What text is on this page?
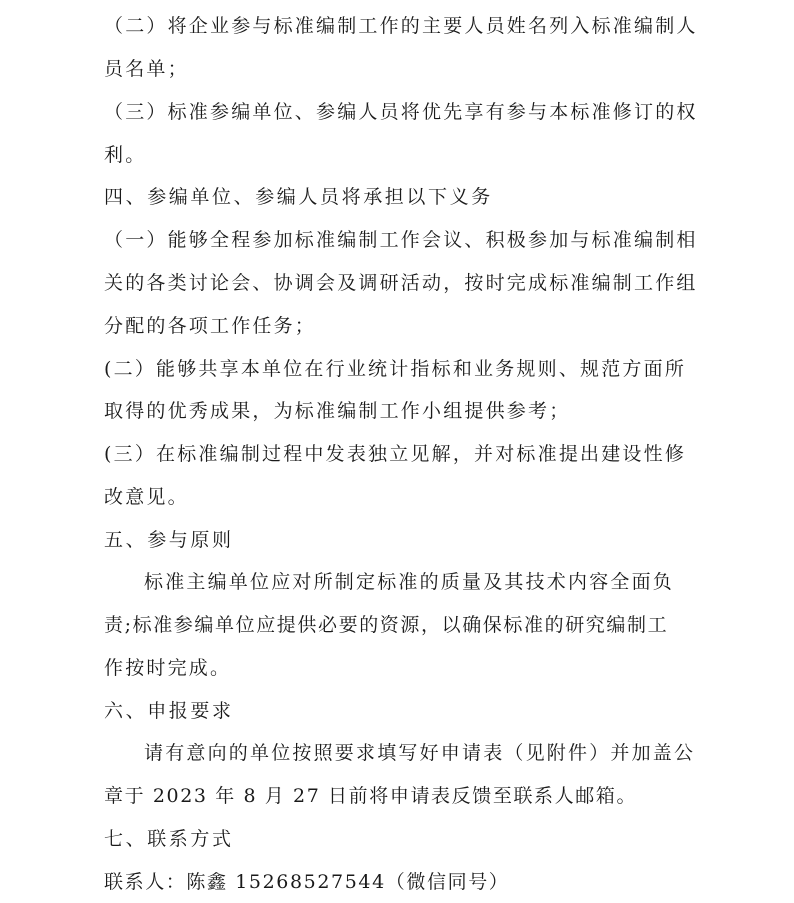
（二）将企业参与标准编制工作的主要人员姓名列入标准编制人
员名单；
（三）标准参编单位、参编人员将优先享有参与本标准修订的权
利。
四、参编单位、参编人员将承担以下义务
（一）能够全程参加标准编制工作会议、积极参加与标准编制相
关的各类讨论会、协调会及调研活动，按时完成标准编制工作组
分配的各项工作任务；
(二）能够共享本单位在行业统计指标和业务规则、规范方面所
取得的优秀成果，为标准编制工作小组提供参考；
(三）在标准编制过程中发表独立见解，并对标准提出建设性修
改意见。
五、参与原则
标准主编单位应对所制定标准的质量及其技术内容全面负
责;标准参编单位应提供必要的资源，以确保标准的研究编制工
作按时完成。
六、申报要求
请有意向的单位按照要求填写好申请表（见附件）并加盖公
章于 2023 年 8 月 27 日前将申请表反馈至联系人邮箱。
七、联系方式
联系人：陈鑫 15268527544（微信同号）
